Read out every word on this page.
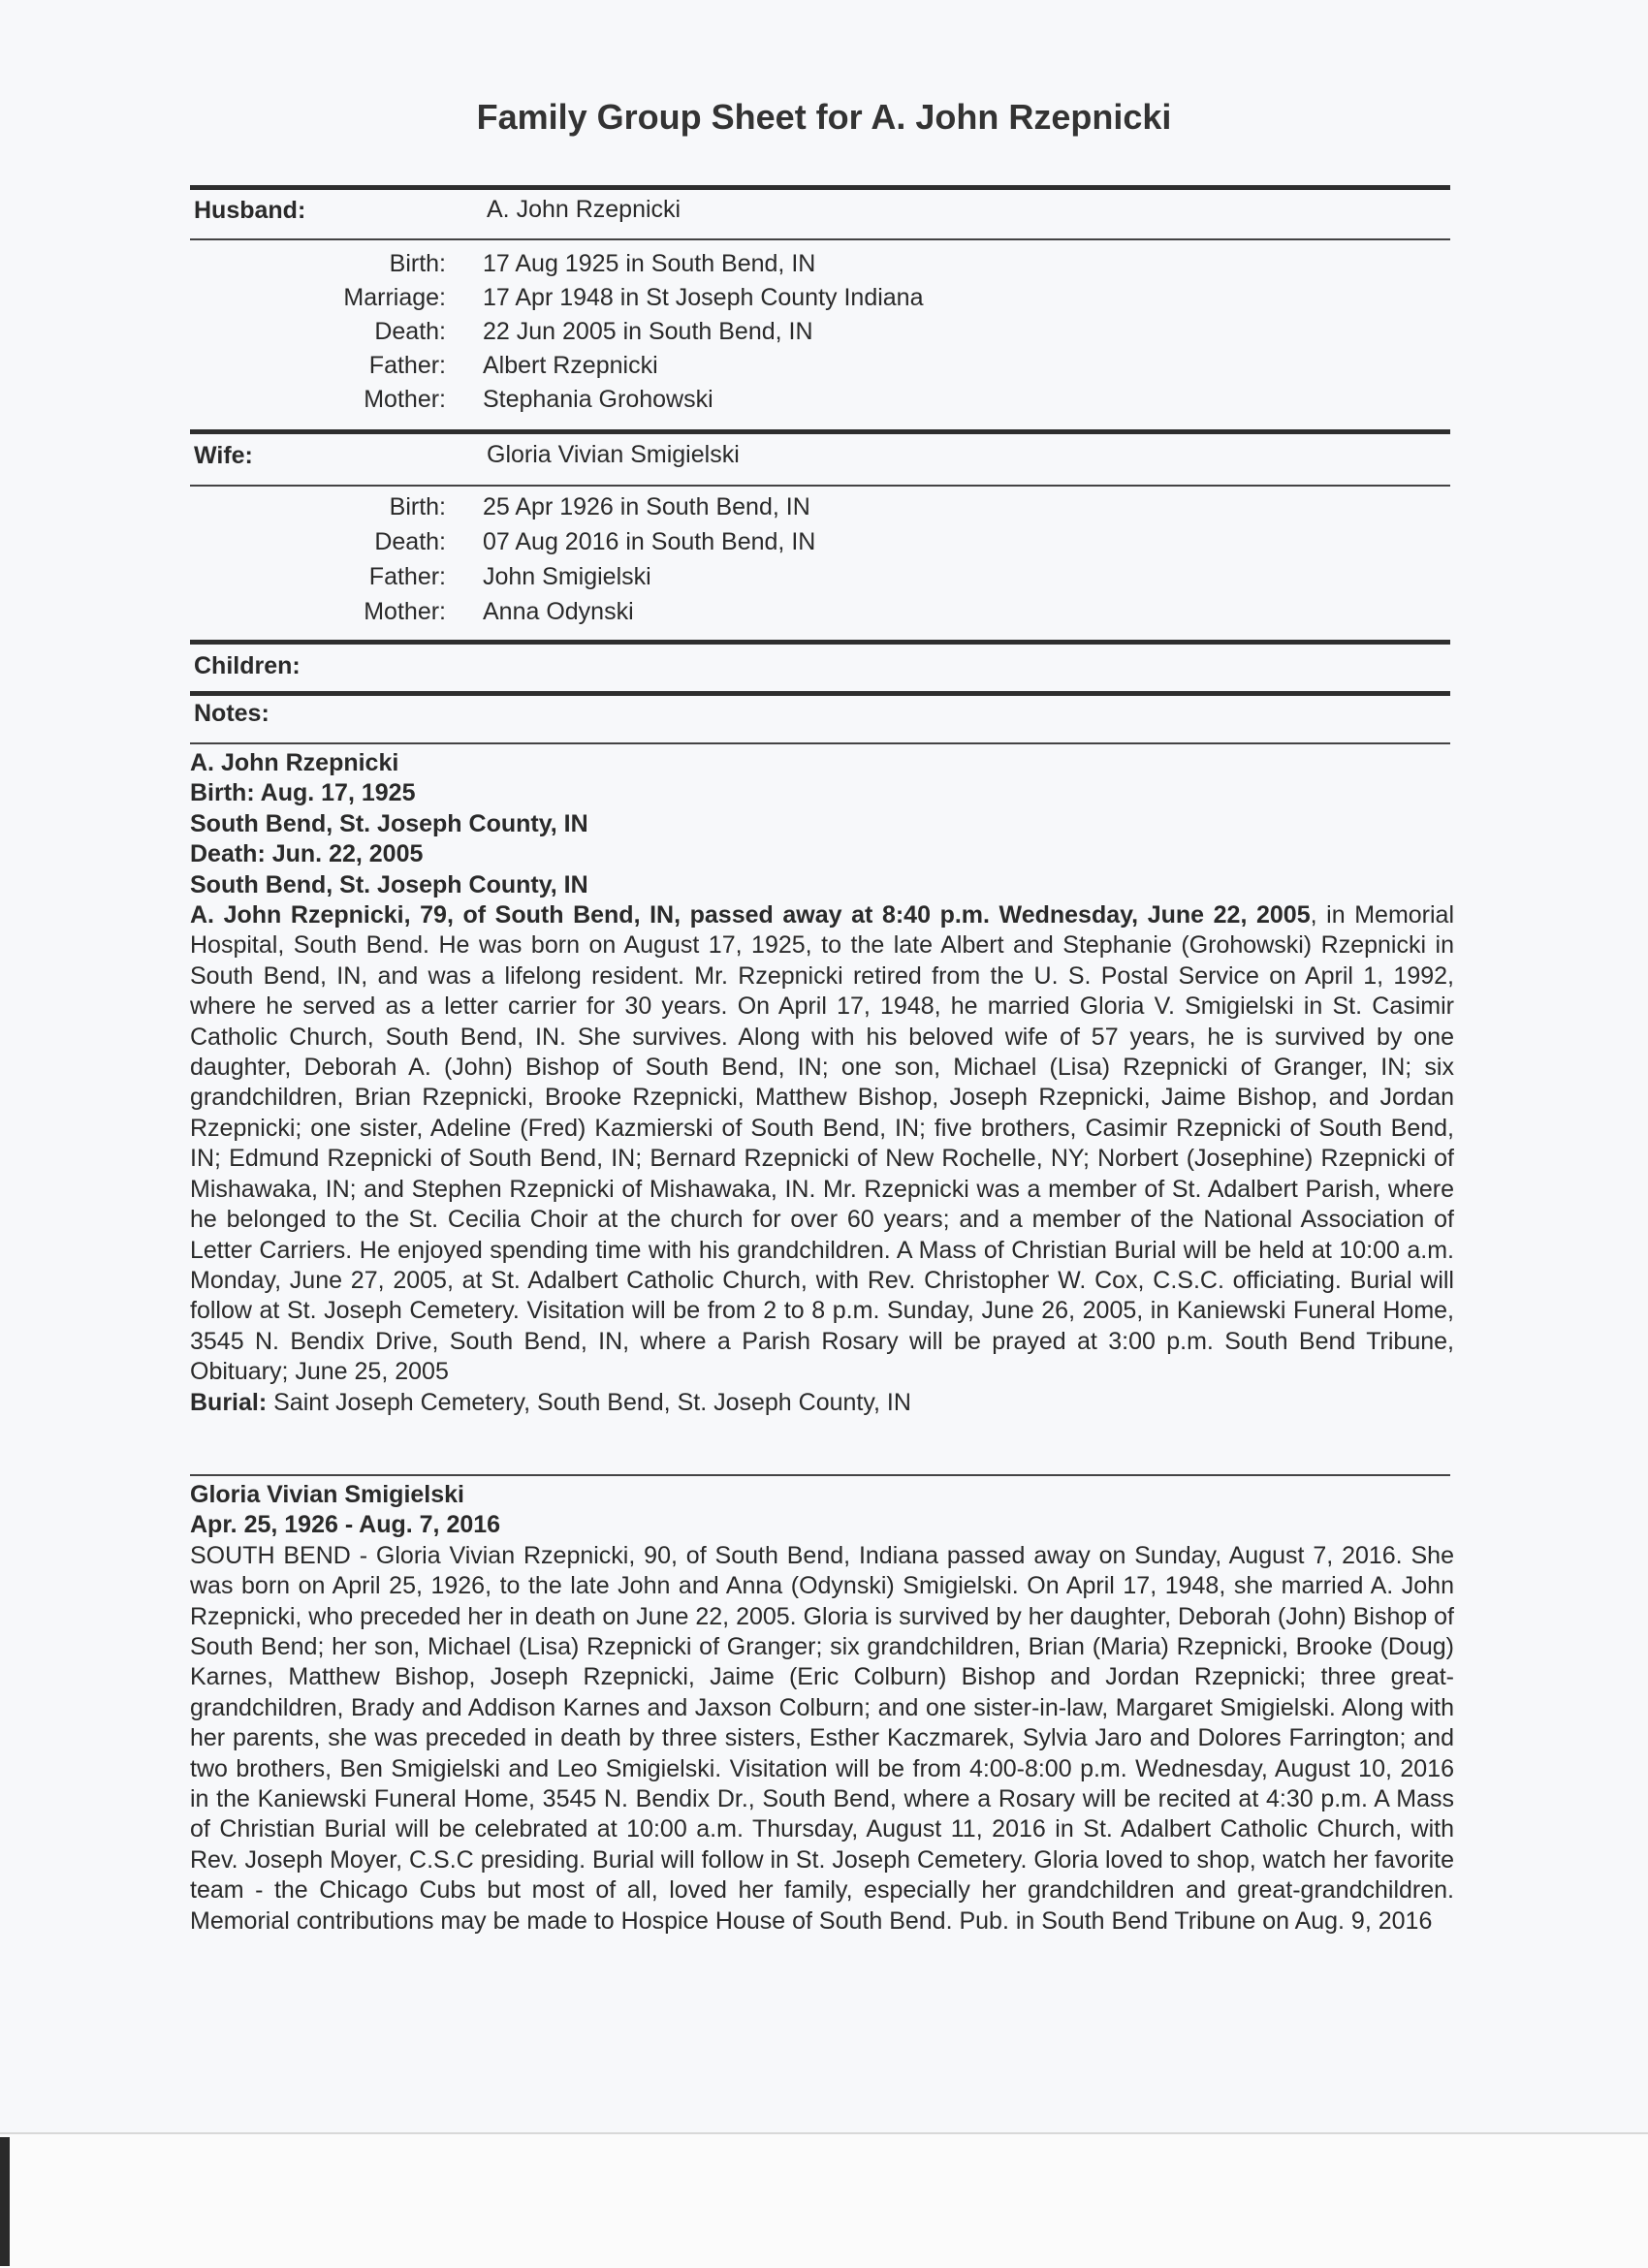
Family Group Sheet for A. John Rzepnicki
Husband:	A. John Rzepnicki
Birth: 17 Aug 1925 in South Bend, IN
Marriage: 17 Apr 1948 in St Joseph County Indiana
Death: 22 Jun 2005 in South Bend, IN
Father: Albert Rzepnicki
Mother: Stephania Grohowski
Wife:	Gloria Vivian Smigielski
Birth: 25 Apr 1926 in South Bend, IN
Death: 07 Aug 2016 in South Bend, IN
Father: John Smigielski
Mother: Anna Odynski
Children:
Notes:
A. John Rzepnicki
Birth: Aug. 17, 1925
South Bend, St. Joseph County, IN
Death: Jun. 22, 2005
South Bend, St. Joseph County, IN

A. John Rzepnicki, 79, of South Bend, IN, passed away at 8:40 p.m. Wednesday, June 22, 2005, in Memorial Hospital, South Bend. He was born on August 17, 1925, to the late Albert and Stephanie (Grohowski) Rzepnicki in South Bend, IN, and was a lifelong resident. Mr. Rzepnicki retired from the U. S. Postal Service on April 1, 1992, where he served as a letter carrier for 30 years. On April 17, 1948, he married Gloria V. Smigielski in St. Casimir Catholic Church, South Bend, IN. She survives. Along with his beloved wife of 57 years, he is survived by one daughter, Deborah A. (John) Bishop of South Bend, IN; one son, Michael (Lisa) Rzepnicki of Granger, IN; six grandchildren, Brian Rzepnicki, Brooke Rzepnicki, Matthew Bishop, Joseph Rzepnicki, Jaime Bishop, and Jordan Rzepnicki; one sister, Adeline (Fred) Kazmierski of South Bend, IN; five brothers, Casimir Rzepnicki of South Bend, IN; Edmund Rzepnicki of South Bend, IN; Bernard Rzepnicki of New Rochelle, NY; Norbert (Josephine) Rzepnicki of Mishawaka, IN; and Stephen Rzepnicki of Mishawaka, IN. Mr. Rzepnicki was a member of St. Adalbert Parish, where he belonged to the St. Cecilia Choir at the church for over 60 years; and a member of the National Association of Letter Carriers. He enjoyed spending time with his grandchildren. A Mass of Christian Burial will be held at 10:00 a.m. Monday, June 27, 2005, at St. Adalbert Catholic Church, with Rev. Christopher W. Cox, C.S.C. officiating. Burial will follow at St. Joseph Cemetery. Visitation will be from 2 to 8 p.m. Sunday, June 26, 2005, in Kaniewski Funeral Home, 3545 N. Bendix Drive, South Bend, IN, where a Parish Rosary will be prayed at 3:00 p.m. South Bend Tribune, Obituary; June 25, 2005

Burial: Saint Joseph Cemetery, South Bend, St. Joseph County, IN
Gloria Vivian Smigielski
Apr. 25, 1926 - Aug. 7, 2016

SOUTH BEND - Gloria Vivian Rzepnicki, 90, of South Bend, Indiana passed away on Sunday, August 7, 2016. She was born on April 25, 1926, to the late John and Anna (Odynski) Smigielski. On April 17, 1948, she married A. John Rzepnicki, who preceded her in death on June 22, 2005. Gloria is survived by her daughter, Deborah (John) Bishop of South Bend; her son, Michael (Lisa) Rzepnicki of Granger; six grandchildren, Brian (Maria) Rzepnicki, Brooke (Doug) Karnes, Matthew Bishop, Joseph Rzepnicki, Jaime (Eric Colburn) Bishop and Jordan Rzepnicki; three great-grandchildren, Brady and Addison Karnes and Jaxson Colburn; and one sister-in-law, Margaret Smigielski. Along with her parents, she was preceded in death by three sisters, Esther Kaczmarek, Sylvia Jaro and Dolores Farrington; and two brothers, Ben Smigielski and Leo Smigielski. Visitation will be from 4:00-8:00 p.m. Wednesday, August 10, 2016 in the Kaniewski Funeral Home, 3545 N. Bendix Dr., South Bend, where a Rosary will be recited at 4:30 p.m. A Mass of Christian Burial will be celebrated at 10:00 a.m. Thursday, August 11, 2016 in St. Adalbert Catholic Church, with Rev. Joseph Moyer, C.S.C presiding. Burial will follow in St. Joseph Cemetery. Gloria loved to shop, watch her favorite team - the Chicago Cubs but most of all, loved her family, especially her grandchildren and great-grandchildren. Memorial contributions may be made to Hospice House of South Bend. Pub. in South Bend Tribune on Aug. 9, 2016
